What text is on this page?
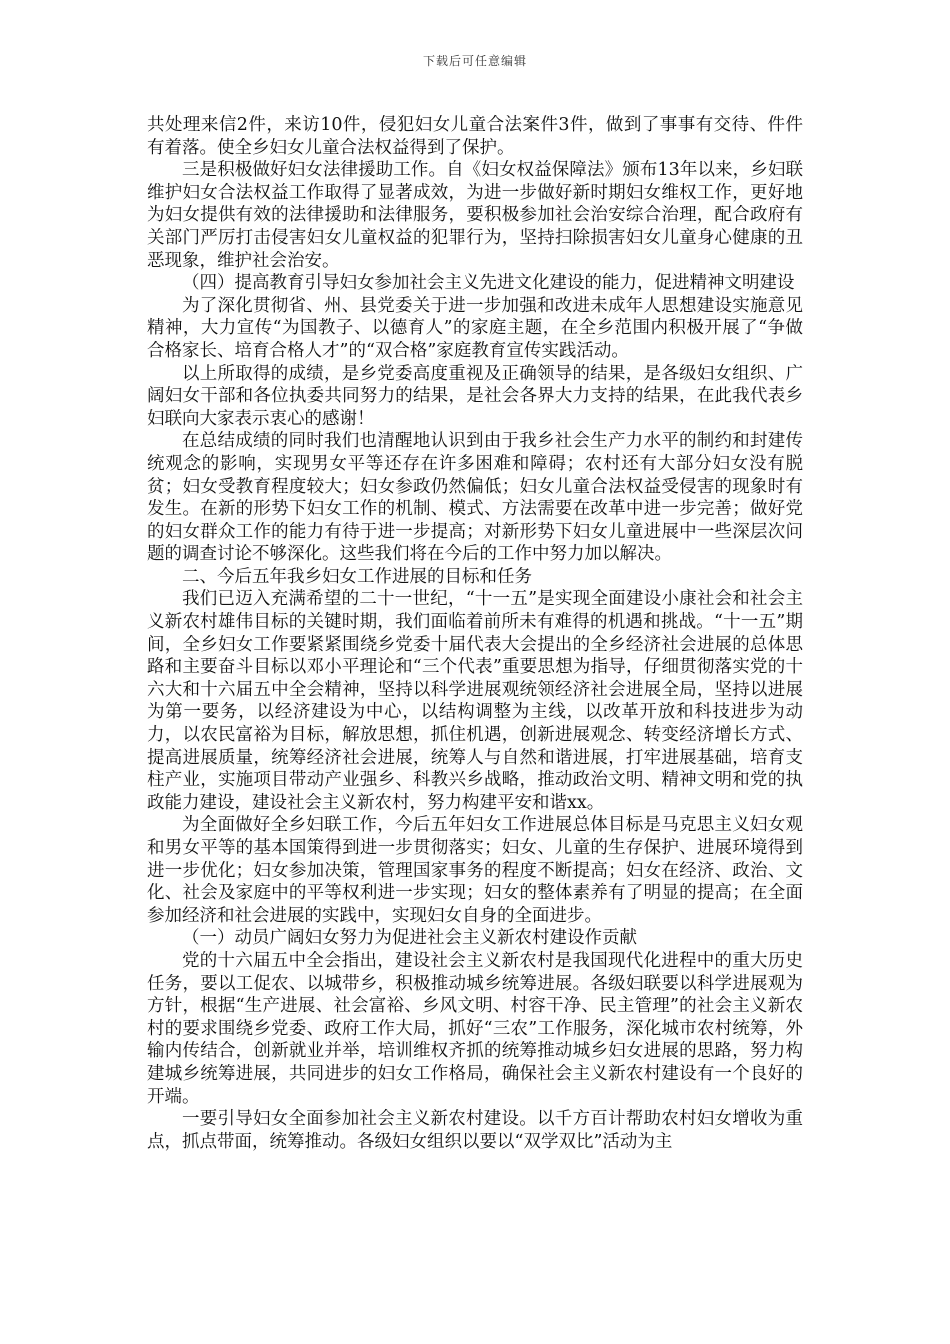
下载后可任意编辑

共处理来信2件，来访10件，侵犯妇女儿童合法案件3件，做到了事事有交待、件件有着落。使全乡妇女儿童合法权益得到了保护。

三是积极做好妇女法律援助工作。自《妇女权益保障法》颁布13年以来，乡妇联维护妇女合法权益工作取得了显著成效，为进一步做好新时期妇女维权工作，更好地为妇女提供有效的法律援助和法律服务，要积极参加社会治安综合治理，配合政府有关部门严厉打击侵害妇女儿童权益的犯罪行为，坚持扫除损害妇女儿童身心健康的丑恶现象，维护社会治安。

（四）提高教育引导妇女参加社会主义先进文化建设的能力，促进精神文明建设

为了深化贯彻省、州、县党委关于进一步加强和改进未成年人思想建设实施意见精神，大力宣传“为国教子、以德育人”的家庭主题，在全乡范围内积极开展了“争做合格家长、培育合格人才”的“双合格”家庭教育宣传实践活动。

以上所取得的成绩，是乡党委高度重视及正确领导的结果，是各级妇女组织、广阔妇女干部和各位执委共同努力的结果，是社会各界大力支持的结果，在此我代表乡妇联向大家表示衷心的感谢！

在总结成绩的同时我们也清醒地认识到由于我乡社会生产力水平的制约和封建传统观念的影响，实现男女平等还存在许多困难和障碍；农村还有大部分妇女没有脱贫；妇女受教育程度较大；妇女参政仍然偏低；妇女儿童合法权益受侵害的现象时有发生。在新的形势下妇女工作的机制、模式、方法需要在改革中进一步完善；做好党的妇女群众工作的能力有待于进一步提高；对新形势下妇女儿童进展中一些深层次问题的调查讨论不够深化。这些我们将在今后的工作中努力加以解决。

二、今后五年我乡妇女工作进展的目标和任务

我们已迈入充满希望的二十一世纪，“十一五”是实现全面建设小康社会和社会主义新农村雄伟目标的关键时期，我们面临着前所未有难得的机遇和挑战。“十一五”期间，全乡妇女工作要紧紧围绕乡党委十届代表大会提出的全乡经济社会进展的总体思路和主要奋斗目标以邓小平理论和“三个代表”重要思想为指导，仔细贯彻落实党的十六大和十六届五中全会精神，坚持以科学进展观统领经济社会进展全局，坚持以进展为第一要务，以经济建设为中心，以结构调整为主线，以改革开放和科技进步为动力，以农民富裕为目标，解放思想，抓住机遇，创新进展观念、转变经济增长方式、提高进展质量，统筹经济社会进展，统筹人与自然和谐进展，打牢进展基础，培育支柱产业，实施项目带动产业强乡、科教兴乡战略，推动政治文明、精神文明和党的执政能力建设，建设社会主义新农村，努力构建平安和谐xx。

为全面做好全乡妇联工作，今后五年妇女工作进展总体目标是马克思主义妇女观和男女平等的基本国策得到进一步贯彻落实；妇女、儿童的生存保护、进展环境得到进一步优化；妇女参加决策，管理国家事务的程度不断提高；妇女在经济、政治、文化、社会及家庭中的平等权利进一步实现；妇女的整体素养有了明显的提高；在全面参加经济和社会进展的实践中，实现妇女自身的全面进步。

（一）动员广阔妇女努力为促进社会主义新农村建设作贡献

党的十六届五中全会指出，建设社会主义新农村是我国现代化进程中的重大历史任务，要以工促农、以城带乡，积极推动城乡统筹进展。各级妇联要以科学进展观为方针，根据“生产进展、社会富裕、乡风文明、村容干净、民主管理”的社会主义新农村的要求围绕乡党委、政府工作大局，抓好“三农”工作服务，深化城市农村统筹，外输内传结合，创新就业并举，培训维权齐抓的统筹推动城乡妇女进展的思路，努力构建城乡统筹进展，共同进步的妇女工作格局，确保社会主义新农村建设有一个良好的开端。

一要引导妇女全面参加社会主义新农村建设。以千方百计帮助农村妇女增收为重点，抓点带面，统筹推动。各级妇女组织以要以“双学双比”活动为主
